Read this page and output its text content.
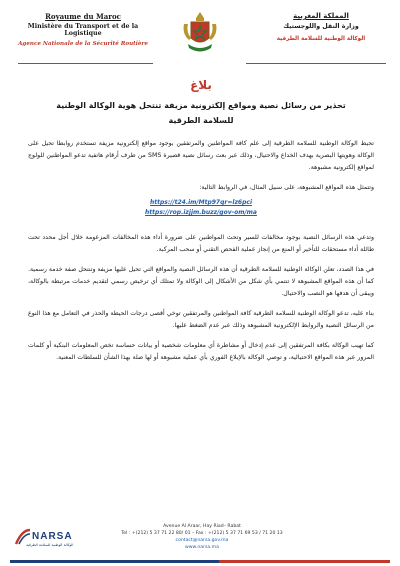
Royaume du Maroc
Ministère du Transport et de la Logistique
Agence Nationale de la Sécurité Routière
المملكة المغربية
وزارة النقل واللوجستيك
الوكالة الوطنية للسلامة الطرقية
بلاغ
تحذير من رسائل نصية ومواقع إلكترونية مزيفة تنتحل هوية الوكالة الوطنية
للسلامة الطرقية

تحيط الوكالة الوطنية للسلامة الطرقية إلى علم كافة المواطنين والمرتفقين بوجود مواقع إلكترونية مزيفة تستخدم روابطا تحيل على الوكالة وهويتها البصرية بهدف الخداع والاحتيال، وذلك عبر بعث رسائل نصية قصيرة SMS من طرف أرقام هاتفية تدعو المواطنين للولوج لمواقع إلكترونية مشبوهة.

وتتمثل هذه المواقع المشبوهة، على سبيل المثال، في الروابط التالية:

https://t24.im/Mtp97qr=lz6pci
https://rop.izjjm.buzz/gov-om/ma

وتدعي هذه الرسائل النصية بوجود مخالفات للسير وتحث المواطنين على ضرورة أداء هذه المخالفات المزعومة خلال أجل محدد تحت طائلة أداء مستحقات للتأخير أو المنع من إنجاز عملية الفحص التقني أو سحب المركبة.

في هذا الصدد، تعلن الوكالة الوطنية للسلامة الطرقية أن هذه الرسائل النصية والمواقع التي تحيل عليها مزيفة وتنتحل صفة خدمة رسمية. كما أن هذه المواقع المشبوهة لا تنتمي بأي شكل من الأشكال إلى الوكالة ولا تمتلك أي ترخيص رسمي لتقديم خدمات مرتبطة بالوكالة، ويبقى أن هدفها هو النصب والاحتيال.

بناء عليه، تدعو الوكالة الوطنية للسلامة الطرقية كافة المواطنين والمرتفقين توخي أقصى درجات الحيطة والحذر في التعامل مع هذا النوع من الرسائل النصية والروابط الإلكترونية المشبوهة وذلك عبر عدم الضغط عليها.

كما تهيب الوكالة بكافة المرتفقين إلى عدم إدخال أو مشاطرة أي معلومات شخصية أو بيانات حساسة تخص المعلومات البنكية أو كلمات المرور عبر هذه المواقع الاحتيالية، و توصي الوكالة بالإبلاغ الفوري بأي عملية مشبوهة أو لها صلة بهذا الشأن للسلطات المعنية.

NARSA
الوكالة الوطنية للسلامة الطرقية
Avenue Al Araar, Hay Riad– Rabat
Tel : +(212) 5 37 71 22 80/ 01 – Fax : +(212) 5 37 71 69 53 / 71 20 13
contact@narsa.gov.ma
www.narsa.ma
